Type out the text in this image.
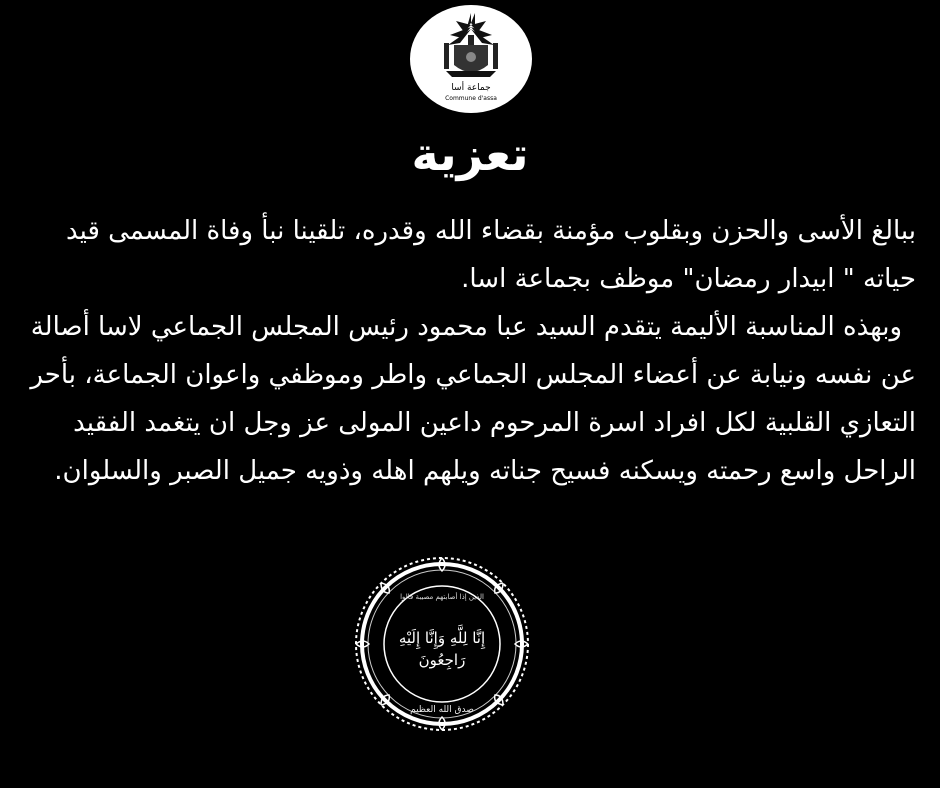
جماعة أسا
Commune d'assa
تعزية

ببالغ الأسى والحزن وبقلوب مؤمنة بقضاء الله وقدره، تلقينا نبأ وفاة المسمى قيد حياته " ابيدار رمضان" موظف بجماعة اسا.

وبهذه المناسبة الأليمة يتقدم السيد عبا محمود رئيس المجلس الجماعي لاسا أصالة عن نفسه ونيابة عن أعضاء المجلس الجماعي واطر وموظفي واعوان الجماعة، بأحر التعازي القلبية لكل افراد اسرة المرحوم داعين المولى عز وجل ان يتغمد الفقيد الراحل واسع رحمته ويسكنه فسيح جناته ويلهم اهله وذويه جميل الصبر والسلوان.

الذين إذا أصابتهم مصيبة قالوا
إِنَّا لِلَّهِ وَإِنَّا إِلَيْهِ
رَاجِعُونَ
صدق الله العظيم
